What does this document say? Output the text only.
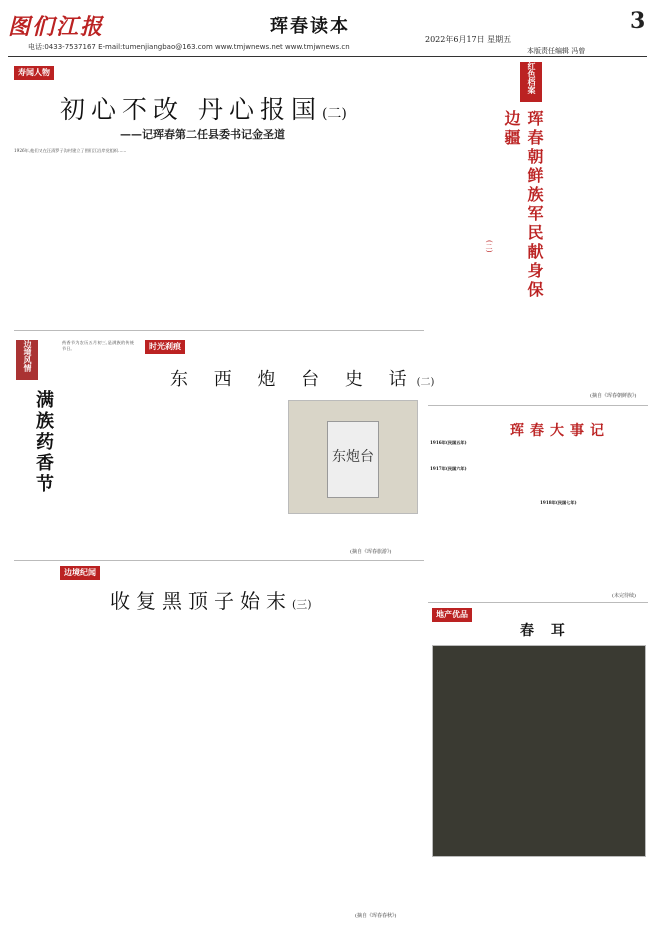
图们江报	珲春读本	3
电话:0433-7537167 E-mail:tumenjiangbao@163.com www.tmjwnews.net www.tmjwnews.cn
2022年6月17日 星期五
本版责任编辑 冯曾
寿闻人物
初心不改 丹心报国(二)
——记珲春第二任县委书记金圣道
1926年,他们又在汪清罗子沟村建立了图们江沿岸党组织……
红色档案
珲春朝鲜族军民献身保边疆
(二)
(摘自《珲春朝鲜族》)
边境风情
满族药香节
药香节为农历五月初三,是满族的传统节日。	时光刹痕
东 西 炮 台 史 话(二)
东炮台
(摘自《珲春旅游》)
珲春大事记
1916年(民国五年)
1917年(民国六年)
1918年(民国七年)
(未完待续)
边境纪闻
收复黑顶子始末(三)
(摘自《珲春春秋》)
地产优品
春 耳
